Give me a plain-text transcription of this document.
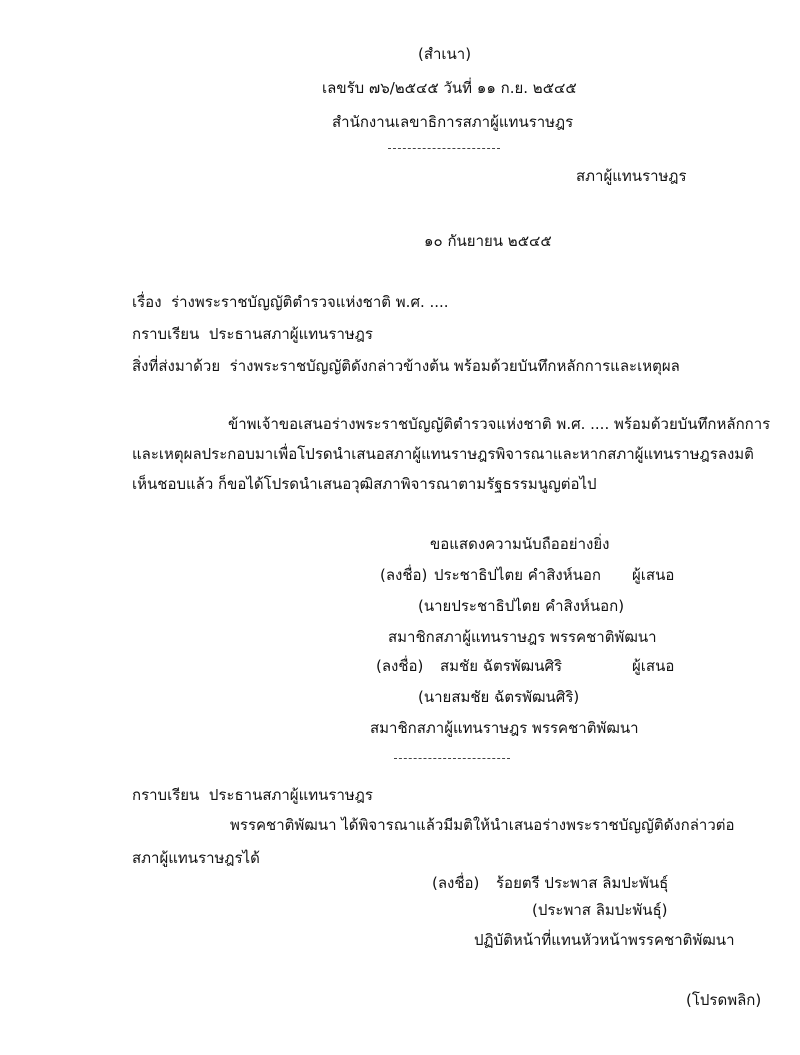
(สำเนา)
เลขรับ ๗๖/๒๕๔๕ วันที่ ๑๑ ก.ย. ๒๕๔๕
สำนักงานเลขาธิการสภาผู้แทนราษฎร
สภาผู้แทนราษฎร
๑๐ กันยายน ๒๕๔๕
เรื่อง ร่างพระราชบัญญัติตำรวจแห่งชาติ พ.ศ. ....
กราบเรียน ประธานสภาผู้แทนราษฎร
สิ่งที่ส่งมาด้วย ร่างพระราชบัญญัติดังกล่าวข้างต้น พร้อมด้วยบันทึกหลักการและเหตุผล
ข้าพเจ้าขอเสนอร่างพระราชบัญญัติตำรวจแห่งชาติ พ.ศ. .... พร้อมด้วยบันทึกหลักการ
และเหตุผลประกอบมาเพื่อโปรดนำเสนอสภาผู้แทนราษฎรพิจารณาและหากสภาผู้แทนราษฎรลงมติ
เห็นชอบแล้ว ก็ขอได้โปรดนำเสนอวุฒิสภาพิจารณาตามรัฐธรรมนูญต่อไป
ขอแสดงความนับถืออย่างยิ่ง
(ลงชื่อ) ประชาธิปไตย คำสิงห์นอก ผู้เสนอ
(นายประชาธิปไตย คำสิงห์นอก)
สมาชิกสภาผู้แทนราษฎร พรรคชาติพัฒนา
(ลงชื่อ) สมชัย ฉัตรพัฒนศิริ	ผู้เสนอ
(นายสมชัย ฉัตรพัฒนศิริ)
สมาชิกสภาผู้แทนราษฎร พรรคชาติพัฒนา
กราบเรียน ประธานสภาผู้แทนราษฎร
พรรคชาติพัฒนา ได้พิจารณาแล้วมีมติให้นำเสนอร่างพระราชบัญญัติดังกล่าวต่อ
สภาผู้แทนราษฎรได้
(ลงชื่อ) ร้อยตรี ประพาส ลิมปะพันธุ์
(ประพาส ลิมปะพันธุ์)
ปฏิบัติหน้าที่แทนหัวหน้าพรรคชาติพัฒนา
(โปรดพลิก)
